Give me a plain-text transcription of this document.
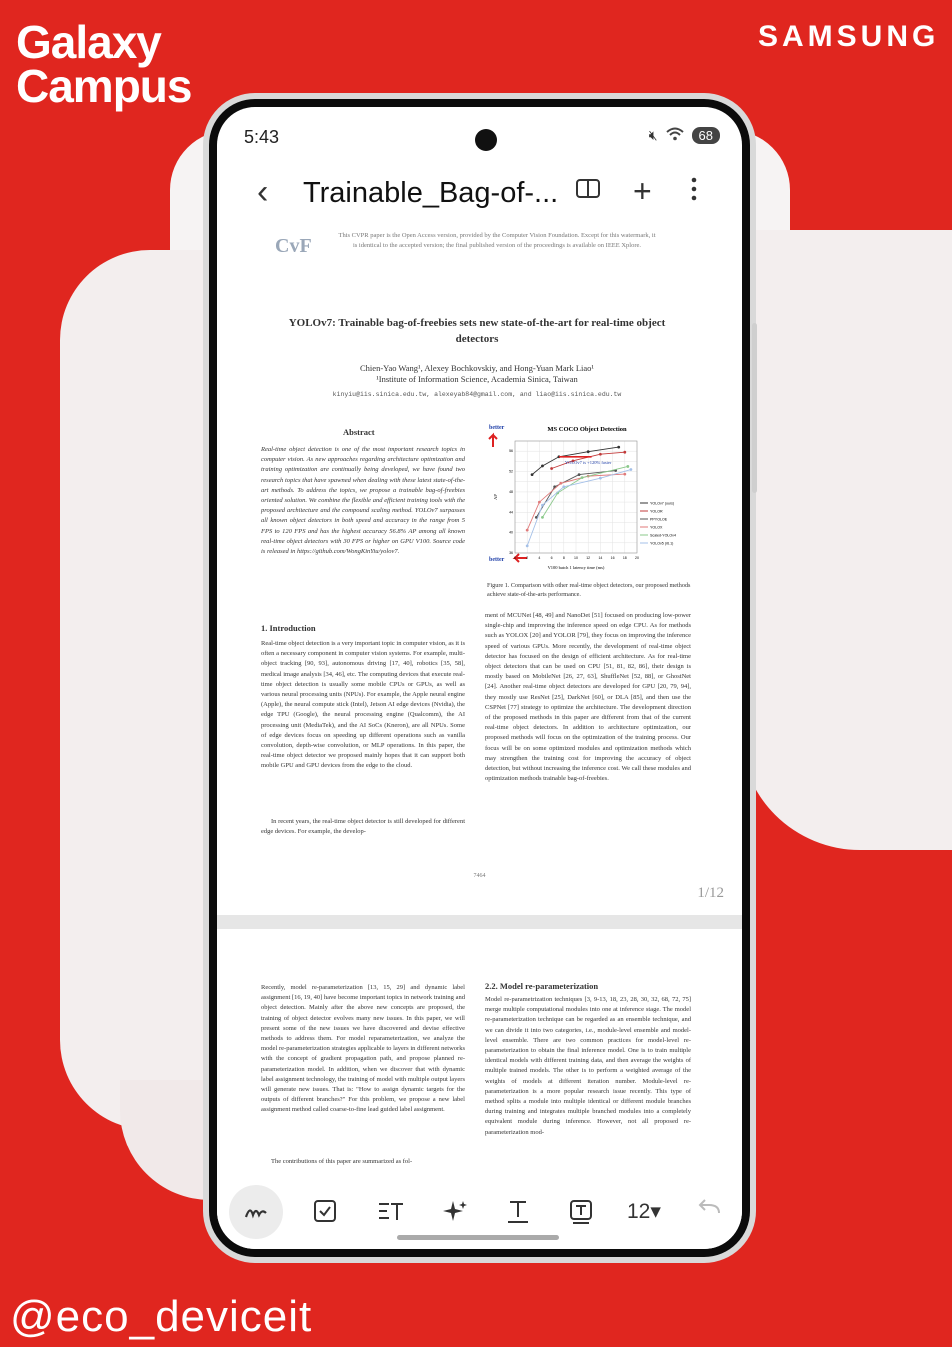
Galaxy
Campus
SAMSUNG
@eco_deviceit
5:43	🔇︎	68
‹ Trainable_Bag-of-... +
CvF	This CVPR paper is the Open Access version, provided by the Computer Vision Foundation. Except for this watermark, it is identical to the accepted version; the final published version of the proceedings is available on IEEE Xplore.
YOLOv7: Trainable bag-of-freebies sets new state-of-the-art for real-time object detectors
Chien-Yao Wang¹, Alexey Bochkovskiy, and Hong-Yuan Mark Liao¹
¹Institute of Information Science, Academia Sinica, Taiwan
kinyiu@iis.sinica.edu.tw, alexeyab84@gmail.com, and liao@iis.sinica.edu.tw
Abstract
Real-time object detection is one of the most important research topics in computer vision. As new approaches regarding architecture optimization and training optimization are continually being developed, we have found two research topics that have spawned when dealing with these latest state-of-the-art methods. To address the topics, we propose a trainable bag-of-freebies oriented solution. We combine the flexible and efficient training tools with the proposed architecture and the compound scaling method. YOLOv7 surpasses all known object detectors in both speed and accuracy in the range from 5 FPS to 120 FPS and has the highest accuracy 56.8% AP among all known real-time object detectors with 30 FPS or higher on GPU V100. Source code is released in https://github.com/WongKinYiu/yolov7.
1. Introduction
Real-time object detection is a very important topic in computer vision, as it is often a necessary component in computer vision systems. For example, multi-object tracking [90, 93], autonomous driving [17, 40], robotics [35, 58], medical image analysis [34, 46], etc. The computing devices that execute real-time object detection is usually some mobile CPUs or GPUs, as well as various neural processing units (NPUs). For example, the Apple neural engine (Apple), the neural compute stick (Intel), Jetson AI edge devices (Nvidia), the edge TPU (Google), the neural processing engine (Qualcomm), the AI processing unit (MediaTek), and the AI SoCs (Kneron), are all NPUs. Some of edge devices focus on speeding up different operations such as vanilla convolution, depth-wise convolution, or MLP operations. In this paper, the real-time object detector we proposed mainly hopes that it can support both mobile GPU and GPU devices from the edge to the cloud.
In recent years, the real-time object detector is still developed for different edge devices. For example, the develop-
MS COCO Object Detection
V100 batch 1 latency time (ms)
AP
better
better	0	2	4	6	8	10 12 14 16 18 20
36
40
44
48
52
56
YOLOv7 (ours)
YOLOR
PPYOLOE
YOLOX
Scaled-YOLOv4
YOLOv5 (r6.1)
YOLOv7 is +120% faster
Figure 1. Comparison with other real-time object detectors, our proposed methods achieve state-of-the-arts performance.
ment of MCUNet [48, 49] and NanoDet [51] focused on producing low-power single-chip and improving the inference speed on edge CPU. As for methods such as YOLOX [20] and YOLOR [79], they focus on improving the inference speed of various GPUs. More recently, the development of real-time object detector has focused on the design of efficient architecture. As for real-time object detectors that can be used on CPU [51, 81, 82, 86], their design is mostly based on MobileNet [26, 27, 63], ShuffleNet [52, 88], or GhostNet [24]. Another real-time object detectors are developed for GPU [20, 79, 94], they mostly use ResNet [25], DarkNet [60], or DLA [85], and then use the CSPNet [77] strategy to optimize the architecture. The development direction of the proposed methods in this paper are different from that of the current real-time object detectors. In addition to architecture optimization, our proposed methods will focus on the optimization of the training process. Our focus will be on some optimized modules and optimization methods which may strengthen the training cost for improving the accuracy of object detection, but without increasing the inference cost. We call these modules and optimization methods trainable bag-of-freebies.
7464
1/12
Recently, model re-parameterization [13, 15, 29] and dynamic label assignment [16, 19, 40] have become important topics in network training and object detection. Mainly after the above new concepts are proposed, the training of object detector evolves many new issues. In this paper, we will present some of the new issues we have discovered and devise effective methods to address them. For model reparameterization, we analyze the model re-parameterization strategies applicable to layers in different networks with the concept of gradient propagation path, and propose planned re-parameterization model. In addition, when we discover that with dynamic label assignment technology, the training of model with multiple output layers will generate new issues. That is: "How to assign dynamic targets for the outputs of different branches?" For this problem, we propose a new label assignment method called coarse-to-fine lead guided label assignment.
The contributions of this paper are summarized as fol-
2.2. Model re-parameterization
Model re-parametrization techniques [3, 9-13, 18, 23, 28, 30, 32, 68, 72, 75] merge multiple computational modules into one at inference stage. The model re-parameterization technique can be regarded as an ensemble technique, and we can divide it into two categories, i.e., module-level ensemble and model-level ensemble. There are two common practices for model-level re-parameterization to obtain the final inference model. One is to train multiple identical models with different training data, and then average the weights of multiple trained models. The other is to perform a weighted average of the weights of models at different iteration number. Module-level re-parameterization is a more popular research issue recently. This type of method splits a module into multiple identical or different module branches during training and integrates multiple branched modules into a completely equivalent module during inference. However, not all proposed re-parameterization mod-
12▾
